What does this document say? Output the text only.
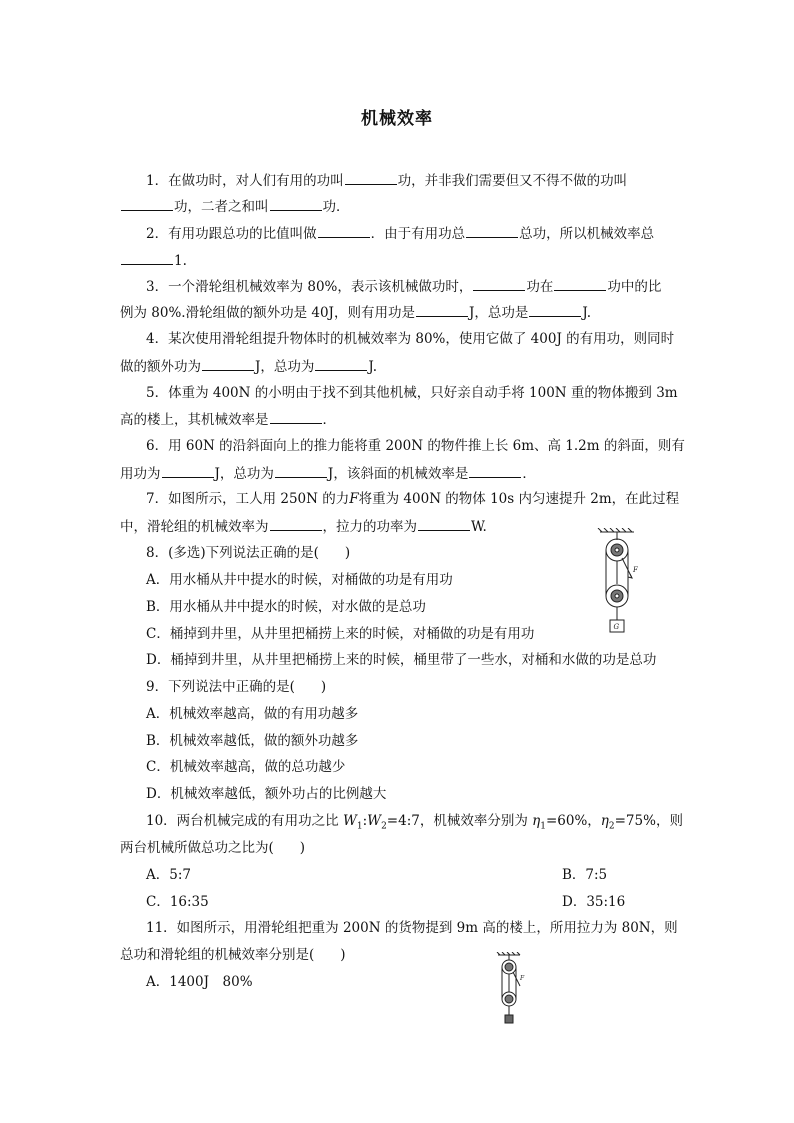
机械效率
1．在做功时，对人们有用的功叫	功，并非我们需要但又不得不做的功叫
功，二者之和叫	功．
2．有用功跟总功的比值叫做	．由于有用功总	总功，所以机械效率总
1.
3．一个滑轮组机械效率为 80%，表示该机械做功时，	功在	功中的比
例为 80%.滑轮组做的额外功是 40J，则有用功是	J，总功是	J.
4．某次使用滑轮组提升物体时的机械效率为 80%，使用它做了 400J 的有用功，则同时
做的额外功为	J，总功为	J.
5．体重为 400N 的小明由于找不到其他机械，只好亲自动手将 100N 重的物体搬到 3m
高的楼上，其机械效率是	．
6．用 60N 的沿斜面向上的推力能将重 200N 的物件推上长 6m、高 1.2m 的斜面，则有
用功为	J，总功为	J，该斜面的机械效率是	．
7．如图所示，工人用 250N 的力F将重为 400N 的物体 10s 内匀速提升 2m，在此过程
中，滑轮组的机械效率为	，拉力的功率为	W.
F
G
8．(多选)下列说法正确的是( )
A．用水桶从井中提水的时候，对桶做的功是有用功
B．用水桶从井中提水的时候，对水做的是总功
C．桶掉到井里，从井里把桶捞上来的时候，对桶做的功是有用功
D．桶掉到井里，从井里把桶捞上来的时候，桶里带了一些水，对桶和水做的功是总功
9．下列说法中正确的是( )
A．机械效率越高，做的有用功越多
B．机械效率越低，做的额外功越多
C．机械效率越高，做的总功越少
D．机械效率越低，额外功占的比例越大
10．两台机械完成的有用功之比 $W_1:W_2=4:7$，机械效率分别为 $\eta_1=60\%$，$\eta_2=75\%$，则
两台机械所做总功之比为( )
A．5:7	B．7:5
C．16:35	D．35:16
11．如图所示，用滑轮组把重为 200N 的货物提到 9m 高的楼上，所用拉力为 80N，则
总功和滑轮组的机械效率分别是( )
A．1400J　80%	F
